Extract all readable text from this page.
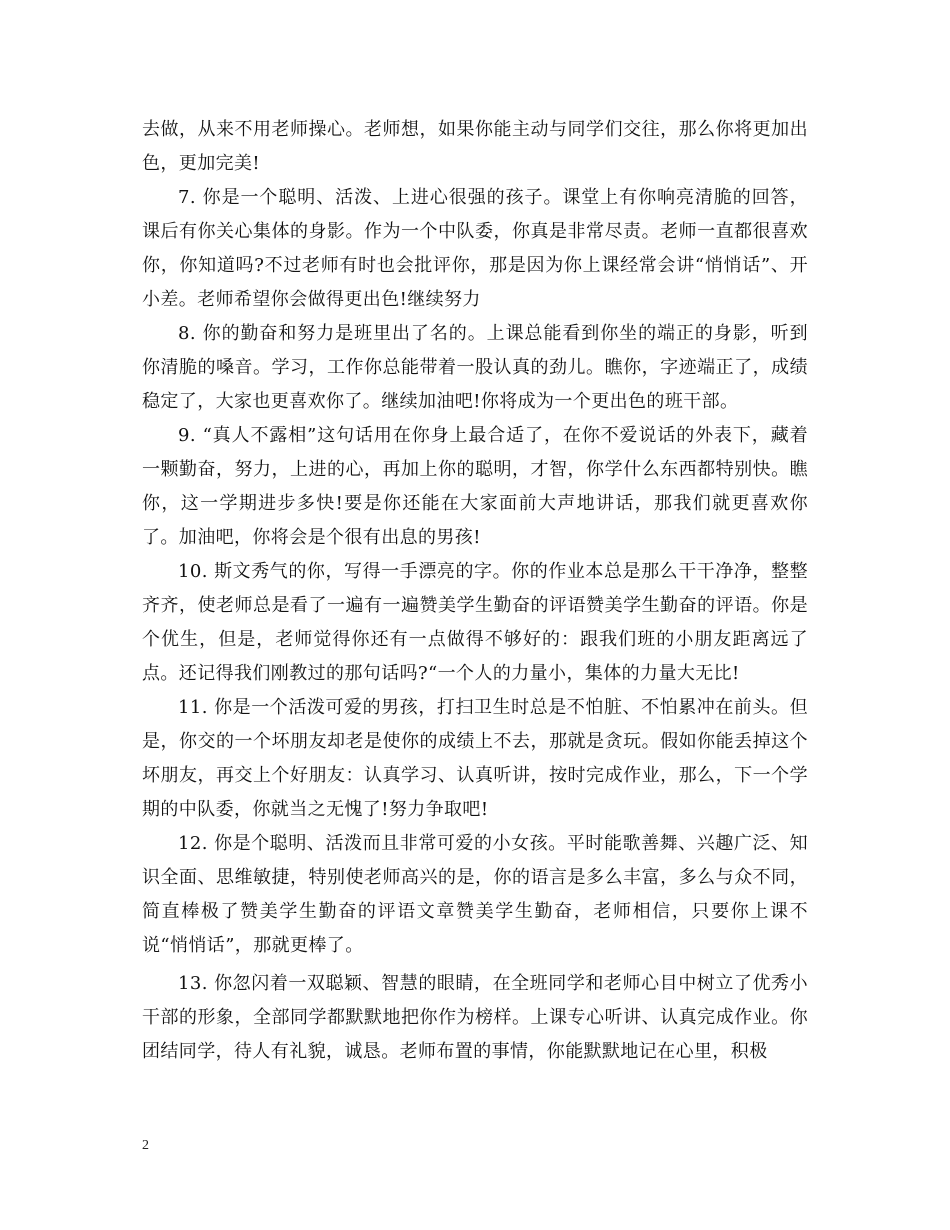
去做，从来不用老师操心。老师想，如果你能主动与同学们交往，那么你将更加出色，更加完美!

7. 你是一个聪明、活泼、上进心很强的孩子。课堂上有你响亮清脆的回答，课后有你关心集体的身影。作为一个中队委，你真是非常尽责。老师一直都很喜欢你，你知道吗?不过老师有时也会批评你，那是因为你上课经常会讲“悄悄话”、开小差。老师希望你会做得更出色!继续努力

8. 你的勤奋和努力是班里出了名的。上课总能看到你坐的端正的身影，听到你清脆的嗓音。学习，工作你总能带着一股认真的劲儿。瞧你，字迹端正了，成绩稳定了，大家也更喜欢你了。继续加油吧!你将成为一个更出色的班干部。

9. “真人不露相”这句话用在你身上最合适了，在你不爱说话的外表下，藏着一颗勤奋，努力，上进的心，再加上你的聪明，才智，你学什么东西都特别快。瞧你，这一学期进步多快!要是你还能在大家面前大声地讲话，那我们就更喜欢你了。加油吧，你将会是个很有出息的男孩!

10. 斯文秀气的你，写得一手漂亮的字。你的作业本总是那么干干净净，整整齐齐，使老师总是看了一遍有一遍赞美学生勤奋的评语赞美学生勤奋的评语。你是个优生，但是，老师觉得你还有一点做得不够好的：跟我们班的小朋友距离远了点。还记得我们刚教过的那句话吗?“一个人的力量小，集体的力量大无比!

11. 你是一个活泼可爱的男孩，打扫卫生时总是不怕脏、不怕累冲在前头。但是，你交的一个坏朋友却老是使你的成绩上不去，那就是贪玩。假如你能丢掉这个坏朋友，再交上个好朋友：认真学习、认真听讲，按时完成作业，那么，下一个学期的中队委，你就当之无愧了!努力争取吧!

12. 你是个聪明、活泼而且非常可爱的小女孩。平时能歌善舞、兴趣广泛、知识全面、思维敏捷，特别使老师高兴的是，你的语言是多么丰富，多么与众不同，简直棒极了赞美学生勤奋的评语文章赞美学生勤奋，老师相信，只要你上课不说“悄悄话”，那就更棒了。

13. 你忽闪着一双聪颖、智慧的眼睛，在全班同学和老师心目中树立了优秀小干部的形象，全部同学都默默地把你作为榜样。上课专心听讲、认真完成作业。你团结同学，待人有礼貌，诚恳。老师布置的事情，你能默默地记在心里，积极

2
